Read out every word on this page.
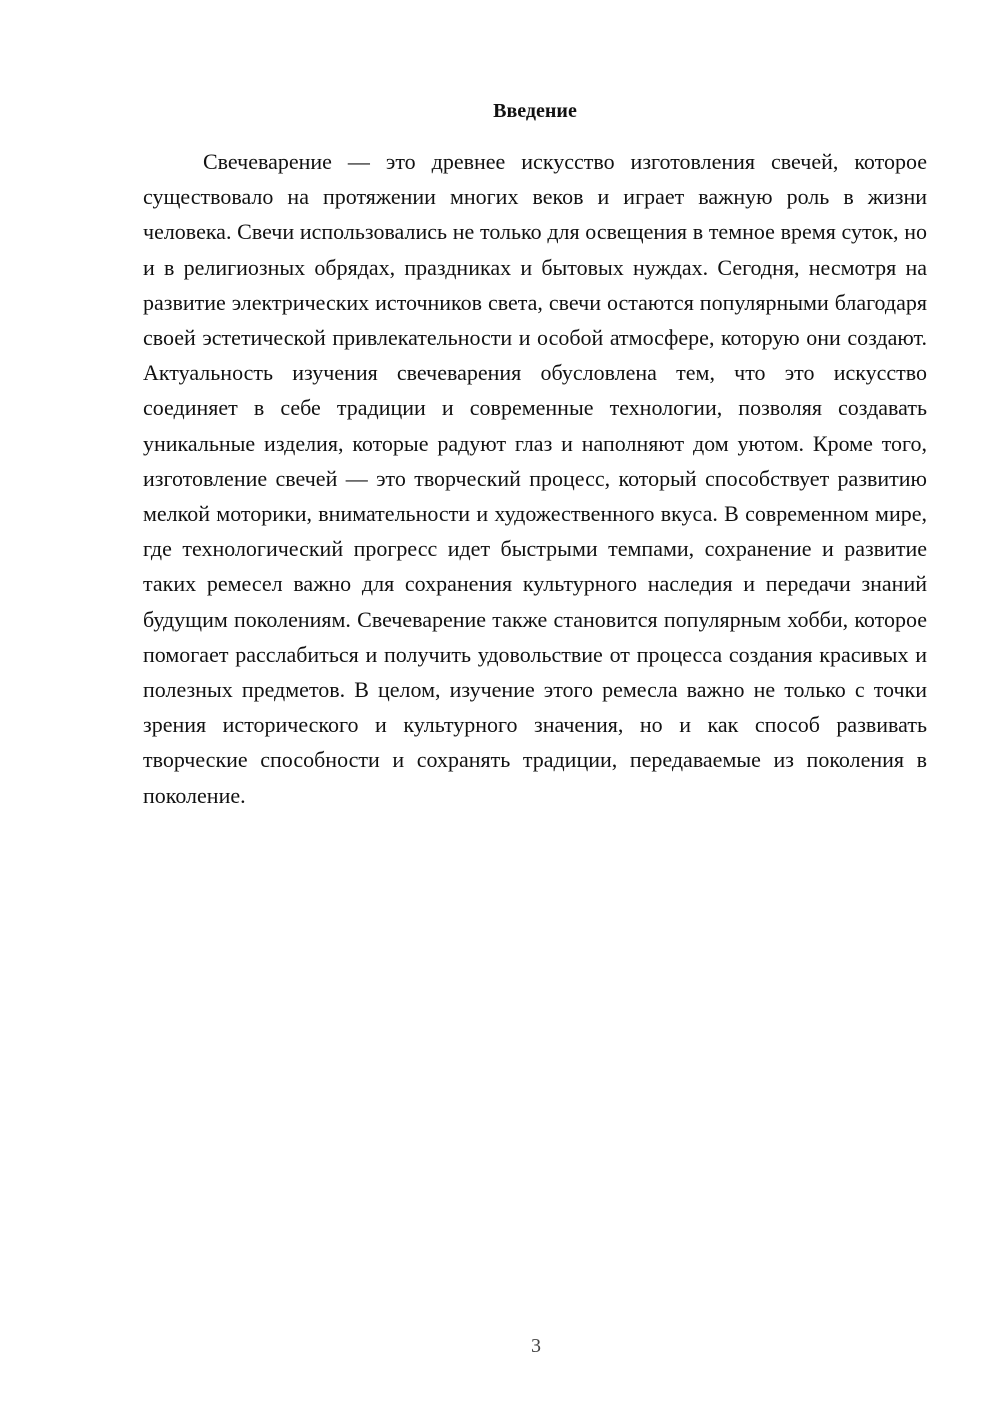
Введение

Свечеварение — это древнее искусство изготовления свечей, которое существовало на протяжении многих веков и играет важную роль в жизни человека. Свечи использовались не только для освещения в темное время суток, но и в религиозных обрядах, праздниках и бытовых нуждах. Сегодня, несмотря на развитие электрических источников света, свечи остаются популярными благодаря своей эстетической привлекательности и особой атмосфере, которую они создают. Актуальность изучения свечеварения обусловлена тем, что это искусство соединяет в себе традиции и современные технологии, позволяя создавать уникальные изделия, которые радуют глаз и наполняют дом уютом. Кроме того, изготовление свечей — это творческий процесс, который способствует развитию мелкой моторики, внимательности и художественного вкуса. В современном мире, где технологический прогресс идет быстрыми темпами, сохранение и развитие таких ремесел важно для сохранения культурного наследия и передачи знаний будущим поколениям. Свечеварение также становится популярным хобби, которое помогает расслабиться и получить удовольствие от процесса создания красивых и полезных предметов. В целом, изучение этого ремесла важно не только с точки зрения исторического и культурного значения, но и как способ развивать творческие способности и сохранять традиции, передаваемые из поколения в поколение.

3
